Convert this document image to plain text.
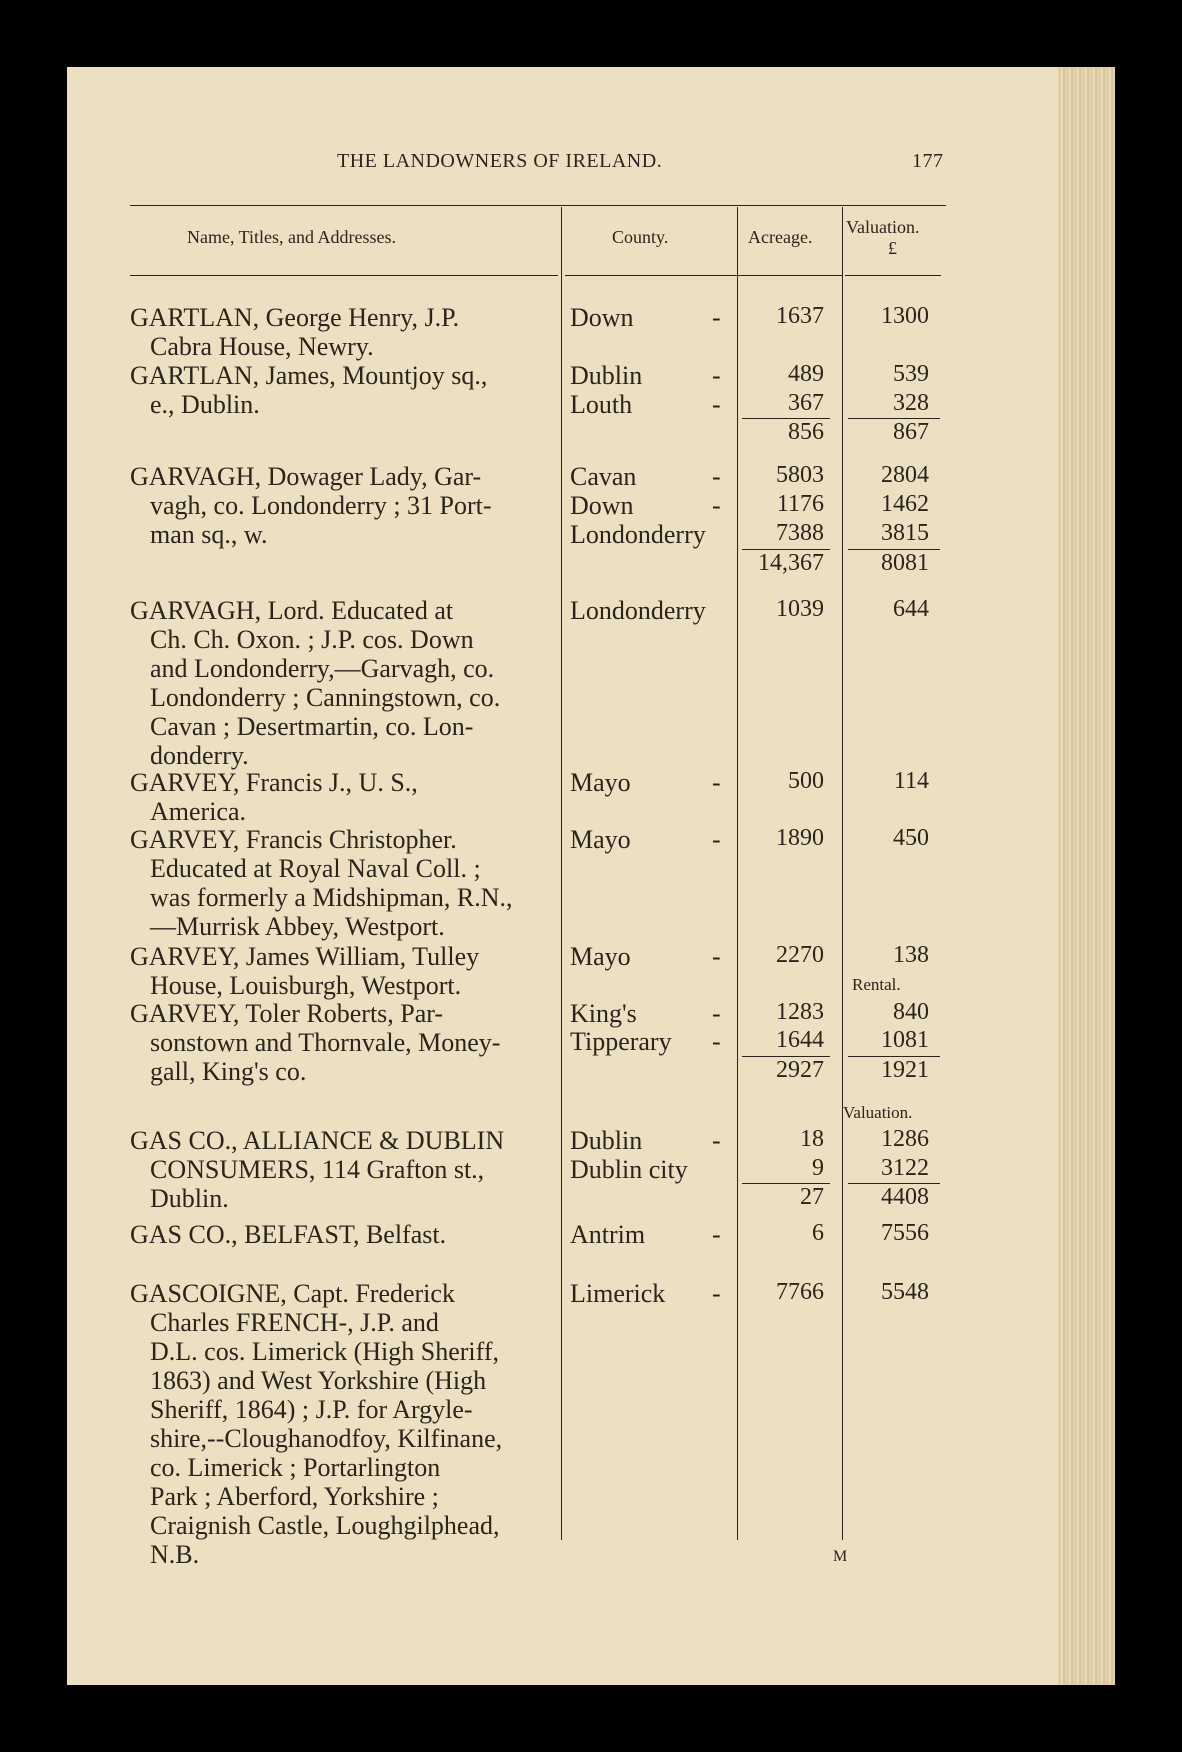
THE LANDOWNERS OF IRELAND.	177
Name, Titles, and Addresses.	County.	Acreage. Valuation.
£
GARTLAN, George Henry, J.P.
Cabra House, Newry.
Down	-	1637	1300
GARTLAN, James, Mountjoy sq.,
e., Dublin.
Dublin	-	489	539
Louth	-	367	328
856	867
GARVAGH, Dowager Lady, Gar-
vagh, co. Londonderry ; 31 Port-
man sq., w.
Cavan	-	5803	2804
Down	-	1176	1462
Londonderry	7388	3815
14,367	8081
GARVAGH, Lord. Educated at
Ch. Ch. Oxon. ; J.P. cos. Down
and Londonderry,—Garvagh, co.
Londonderry ; Canningstown, co.
Cavan ; Desertmartin, co. Lon-
donderry.
Londonderry	1039	644
GARVEY, Francis J., U. S.,
America.
Mayo	-	500	114
GARVEY, Francis Christopher.
Educated at Royal Naval Coll. ;
was formerly a Midshipman, R.N.,
—Murrisk Abbey, Westport.
Mayo	-	1890	450
GARVEY, James William, Tulley
House, Louisburgh, Westport.
Mayo	-	2270	138
GARVEY, Toler Roberts, Par-
sonstown and Thornvale, Money-
gall, King's co.
King's	-	1283	840
Tipperary -	1644	1081
2927	1921
Rental.
GAS CO., ALLIANCE & DUBLIN
CONSUMERS, 114 Grafton st.,
Dublin.
Dublin	-	18	1286
Dublin city	9	3122
27	4408
Valuation.
GAS CO., BELFAST, Belfast.	Antrim	-	6	7556
GASCOIGNE, Capt. Frederick
Charles FRENCH-, J.P. and
D.L. cos. Limerick (High Sheriff,
1863) and West Yorkshire (High
Sheriff, 1864) ; J.P. for Argyle-
shire,--Cloughanodfoy, Kilfinane,
co. Limerick ; Portarlington
Park ; Aberford, Yorkshire ;
Craignish Castle, Loughgilphead,
N.B.
Limerick -	7766	5548
M
